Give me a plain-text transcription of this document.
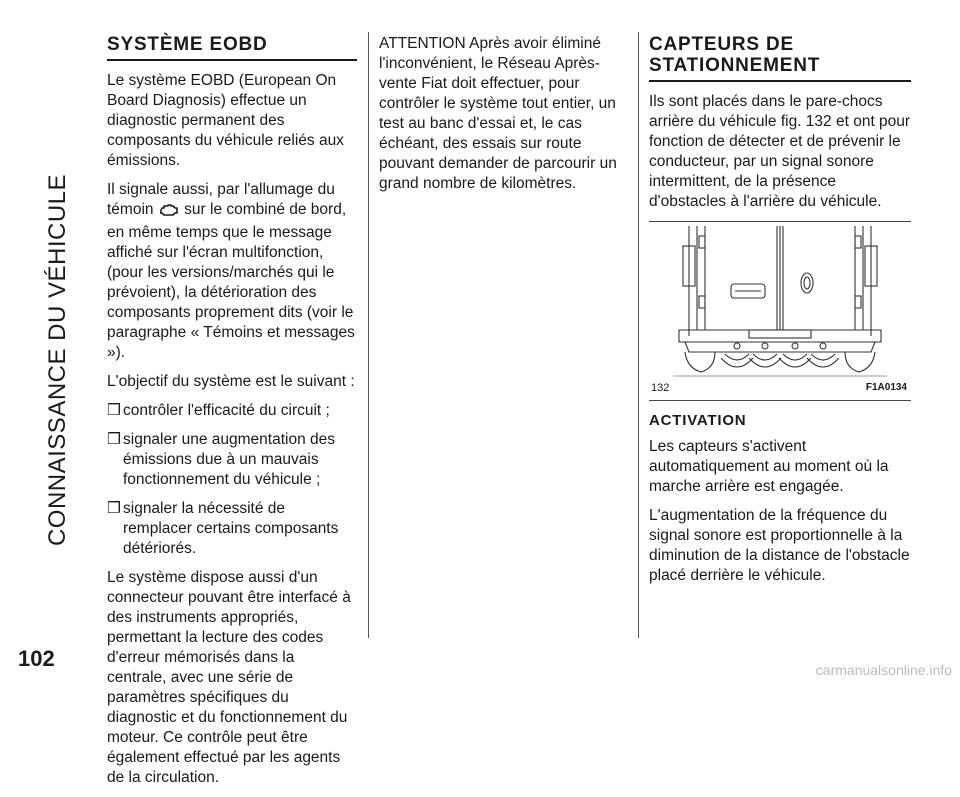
CONNAISSANCE DU VÉHICULE
102
SYSTÈME EOBD

Le système EOBD (European On Board Diagnosis) effectue un diagnostic permanent des composants du véhicule reliés aux émissions.

Il signale aussi, par l'allumage du témoin sur le combiné de bord, en même temps que le message affiché sur l'écran multifonction, (pour les versions/marchés qui le prévoient), la détérioration des composants proprement dits (voir le paragraphe « Témoins et messages »).

L'objectif du système est le suivant :

❒ contrôler l'efficacité du circuit ;
❒ signaler une augmentation des émissions due à un mauvais fonctionnement du véhicule ;
❒ signaler la nécessité de remplacer certains composants détériorés.

Le système dispose aussi d'un connecteur pouvant être interfacé à des instruments appropriés, permettant la lecture des codes d'erreur mémorisés dans la centrale, avec une série de paramètres spécifiques du diagnostic et du fonctionnement du moteur. Ce contrôle peut être également effectué par les agents de la circulation.

ATTENTION Après avoir éliminé l'inconvénient, le Réseau Après-vente Fiat doit effectuer, pour contrôler le système tout entier, un test au banc d'essai et, le cas échéant, des essais sur route pouvant demander de parcourir un grand nombre de kilomètres.

CAPTEURS DE
STATIONNEMENT

Ils sont placés dans le pare-chocs arrière du véhicule fig. 132 et ont pour fonction de détecter et de prévenir le conducteur, par un signal sonore intermittent, de la présence d'obstacles à l'arrière du véhicule.

132	F1A0134
ACTIVATION

Les capteurs s'activent automatiquement au moment où la marche arrière est engagée.

L'augmentation de la fréquence du signal sonore est proportionnelle à la diminution de la distance de l'obstacle placé derrière le véhicule.

carmanualsonline.info
